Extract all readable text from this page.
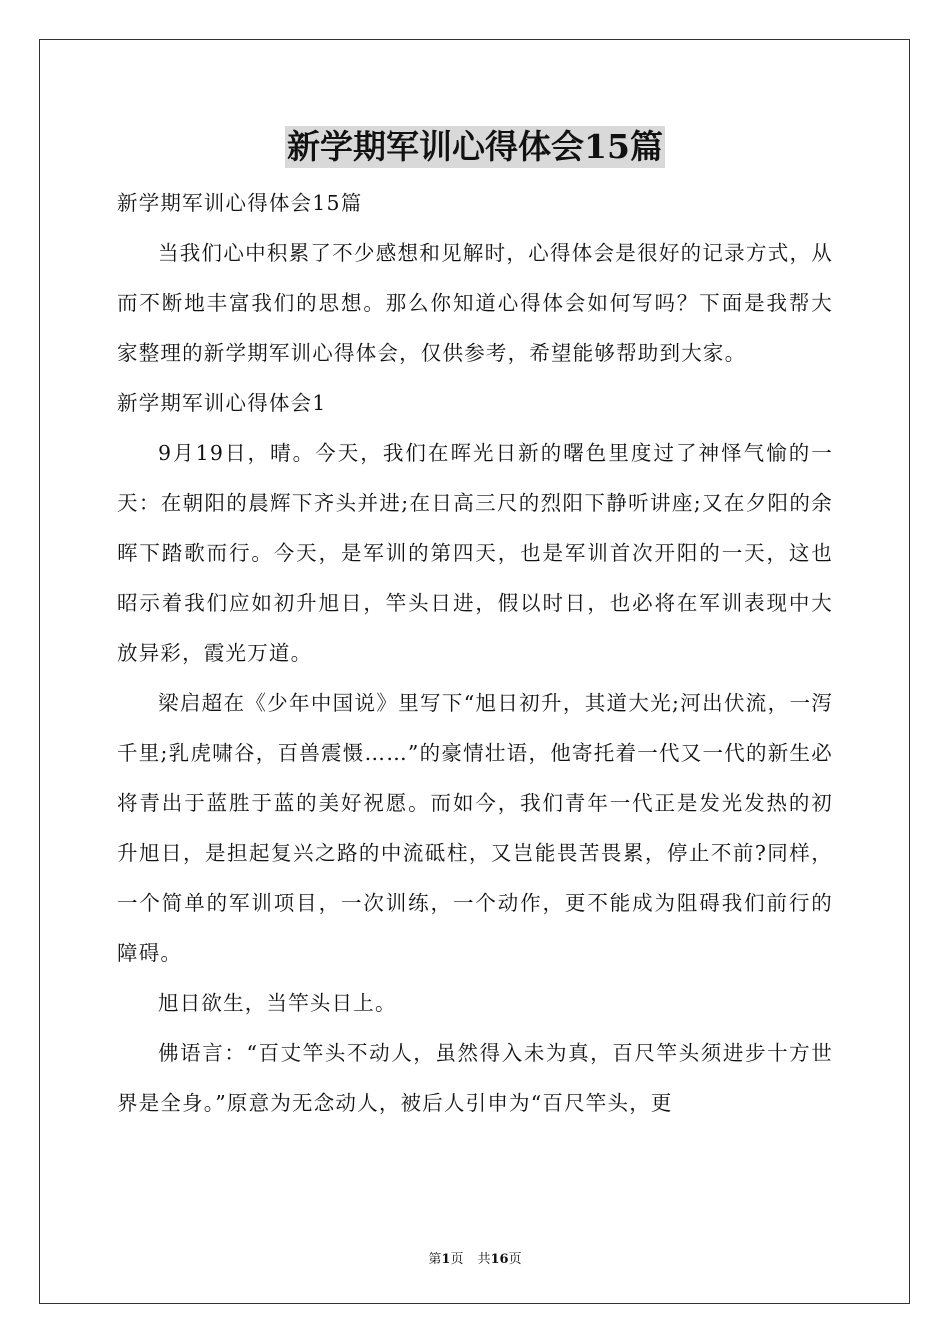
新学期军训心得体会15篇

新学期军训心得体会15篇

当我们心中积累了不少感想和见解时，心得体会是很好的记录方式，从而不断地丰富我们的思想。那么你知道心得体会如何写吗？下面是我帮大家整理的新学期军训心得体会，仅供参考，希望能够帮助到大家。

新学期军训心得体会1

9月19日，晴。今天，我们在晖光日新的曙色里度过了神怿气愉的一天：在朝阳的晨辉下齐头并进;在日高三尺的烈阳下静听讲座;又在夕阳的余晖下踏歌而行。今天，是军训的第四天，也是军训首次开阳的一天，这也昭示着我们应如初升旭日，竿头日进，假以时日，也必将在军训表现中大放异彩，霞光万道。

梁启超在《少年中国说》里写下“旭日初升，其道大光;河出伏流，一泻千里;乳虎啸谷，百兽震慑……”的豪情壮语，他寄托着一代又一代的新生必将青出于蓝胜于蓝的美好祝愿。而如今，我们青年一代正是发光发热的初升旭日，是担起复兴之路的中流砥柱，又岂能畏苦畏累，停止不前?同样，一个简单的军训项目，一次训练，一个动作，更不能成为阻碍我们前行的障碍。

旭日欲生，当竿头日上。

佛语言：“百丈竿头不动人，虽然得入未为真，百尺竿头须进步十方世界是全身。”原意为无念动人，被后人引申为“百尺竿头，更

第1页 共16页
